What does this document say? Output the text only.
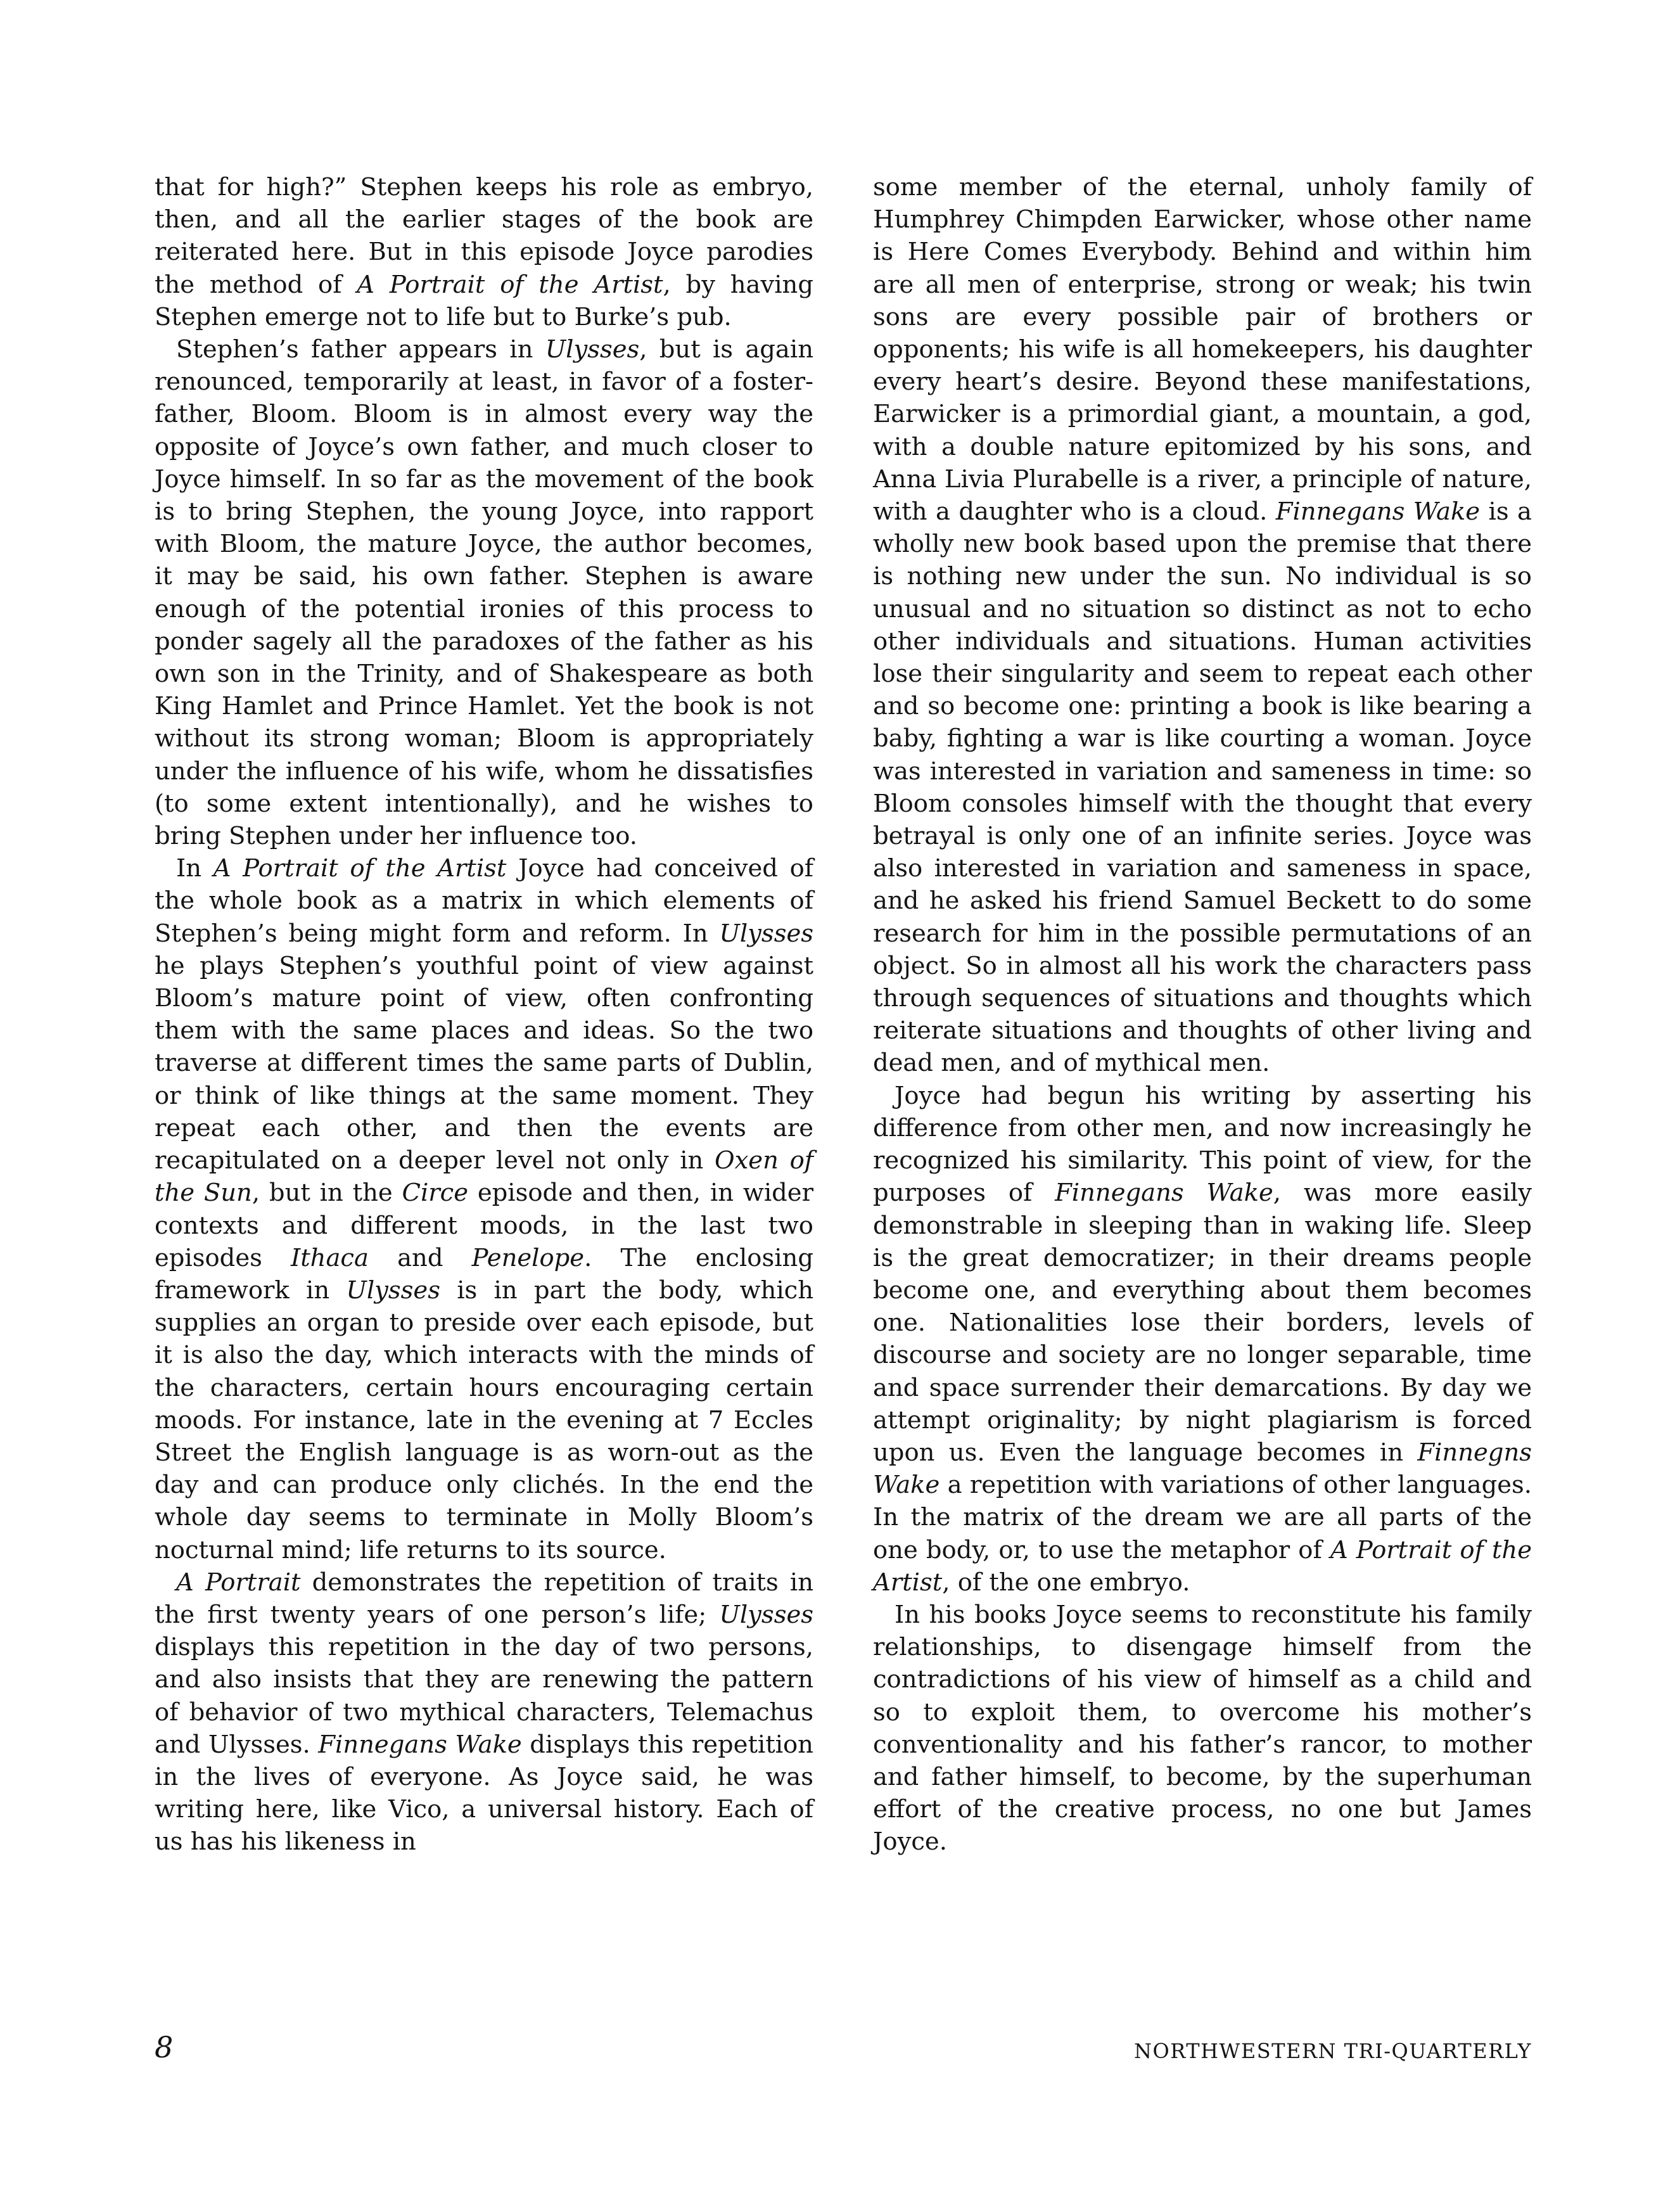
that for high?” Stephen keeps his role as embryo, then, and all the earlier stages of the book are reiterated here. But in this episode Joyce parodies the method of A Portrait of the Artist, by having Stephen emerge not to life but to Burke’s pub.

Stephen’s father appears in Ulysses, but is again renounced, temporarily at least, in favor of a foster-father, Bloom. Bloom is in almost every way the opposite of Joyce’s own father, and much closer to Joyce himself. In so far as the movement of the book is to bring Stephen, the young Joyce, into rapport with Bloom, the mature Joyce, the author becomes, it may be said, his own father. Stephen is aware enough of the potential ironies of this process to ponder sagely all the paradoxes of the father as his own son in the Trinity, and of Shakespeare as both King Hamlet and Prince Hamlet. Yet the book is not without its strong woman; Bloom is appropriately under the influence of his wife, whom he dissatisfies (to some extent intentionally), and he wishes to bring Stephen under her influence too.

In A Portrait of the Artist Joyce had conceived of the whole book as a matrix in which elements of Stephen’s being might form and reform. In Ulysses he plays Stephen’s youthful point of view against Bloom’s mature point of view, often confronting them with the same places and ideas. So the two traverse at different times the same parts of Dublin, or think of like things at the same moment. They repeat each other, and then the events are recapitulated on a deeper level not only in Oxen of the Sun, but in the Circe episode and then, in wider contexts and different moods, in the last two episodes Ithaca and Penelope. The enclosing framework in Ulysses is in part the body, which supplies an organ to preside over each episode, but it is also the day, which interacts with the minds of the characters, certain hours encouraging certain moods. For instance, late in the evening at 7 Eccles Street the English language is as worn-out as the day and can produce only clichés. In the end the whole day seems to terminate in Molly Bloom’s nocturnal mind; life returns to its source.

A Portrait demonstrates the repetition of traits in the first twenty years of one person’s life; Ulysses displays this repetition in the day of two persons, and also insists that they are renewing the pattern of behavior of two mythical characters, Telemachus and Ulysses. Finnegans Wake displays this repetition in the lives of everyone. As Joyce said, he was writing here, like Vico, a universal history. Each of us has his likeness in

some member of the eternal, unholy family of Humphrey Chimpden Earwicker, whose other name is Here Comes Everybody. Behind and within him are all men of enterprise, strong or weak; his twin sons are every possible pair of brothers or opponents; his wife is all homekeepers, his daughter every heart’s desire. Beyond these manifestations, Earwicker is a primordial giant, a mountain, a god, with a double nature epitomized by his sons, and Anna Livia Plurabelle is a river, a principle of nature, with a daughter who is a cloud. Finnegans Wake is a wholly new book based upon the premise that there is nothing new under the sun. No individual is so unusual and no situation so distinct as not to echo other individuals and situations. Human activities lose their singularity and seem to repeat each other and so become one: printing a book is like bearing a baby, fighting a war is like courting a woman. Joyce was interested in variation and sameness in time: so Bloom consoles himself with the thought that every betrayal is only one of an infinite series. Joyce was also interested in variation and sameness in space, and he asked his friend Samuel Beckett to do some research for him in the possible permutations of an object. So in almost all his work the characters pass through sequences of situations and thoughts which reiterate situations and thoughts of other living and dead men, and of mythical men.

Joyce had begun his writing by asserting his difference from other men, and now increasingly he recognized his similarity. This point of view, for the purposes of Finnegans Wake, was more easily demonstrable in sleeping than in waking life. Sleep is the great democratizer; in their dreams people become one, and everything about them becomes one. Nationalities lose their borders, levels of discourse and society are no longer separable, time and space surrender their demarcations. By day we attempt originality; by night plagiarism is forced upon us. Even the language becomes in Finnegns Wake a repetition with variations of other languages. In the matrix of the dream we are all parts of the one body, or, to use the metaphor of A Portrait of the Artist, of the one embryo.

In his books Joyce seems to reconstitute his family relationships, to disengage himself from the contradictions of his view of himself as a child and so to exploit them, to overcome his mother’s conventionality and his father’s rancor, to mother and father himself, to become, by the superhuman effort of the creative process, no one but James Joyce.

8	NORTHWESTERN TRI-QUARTERLY
